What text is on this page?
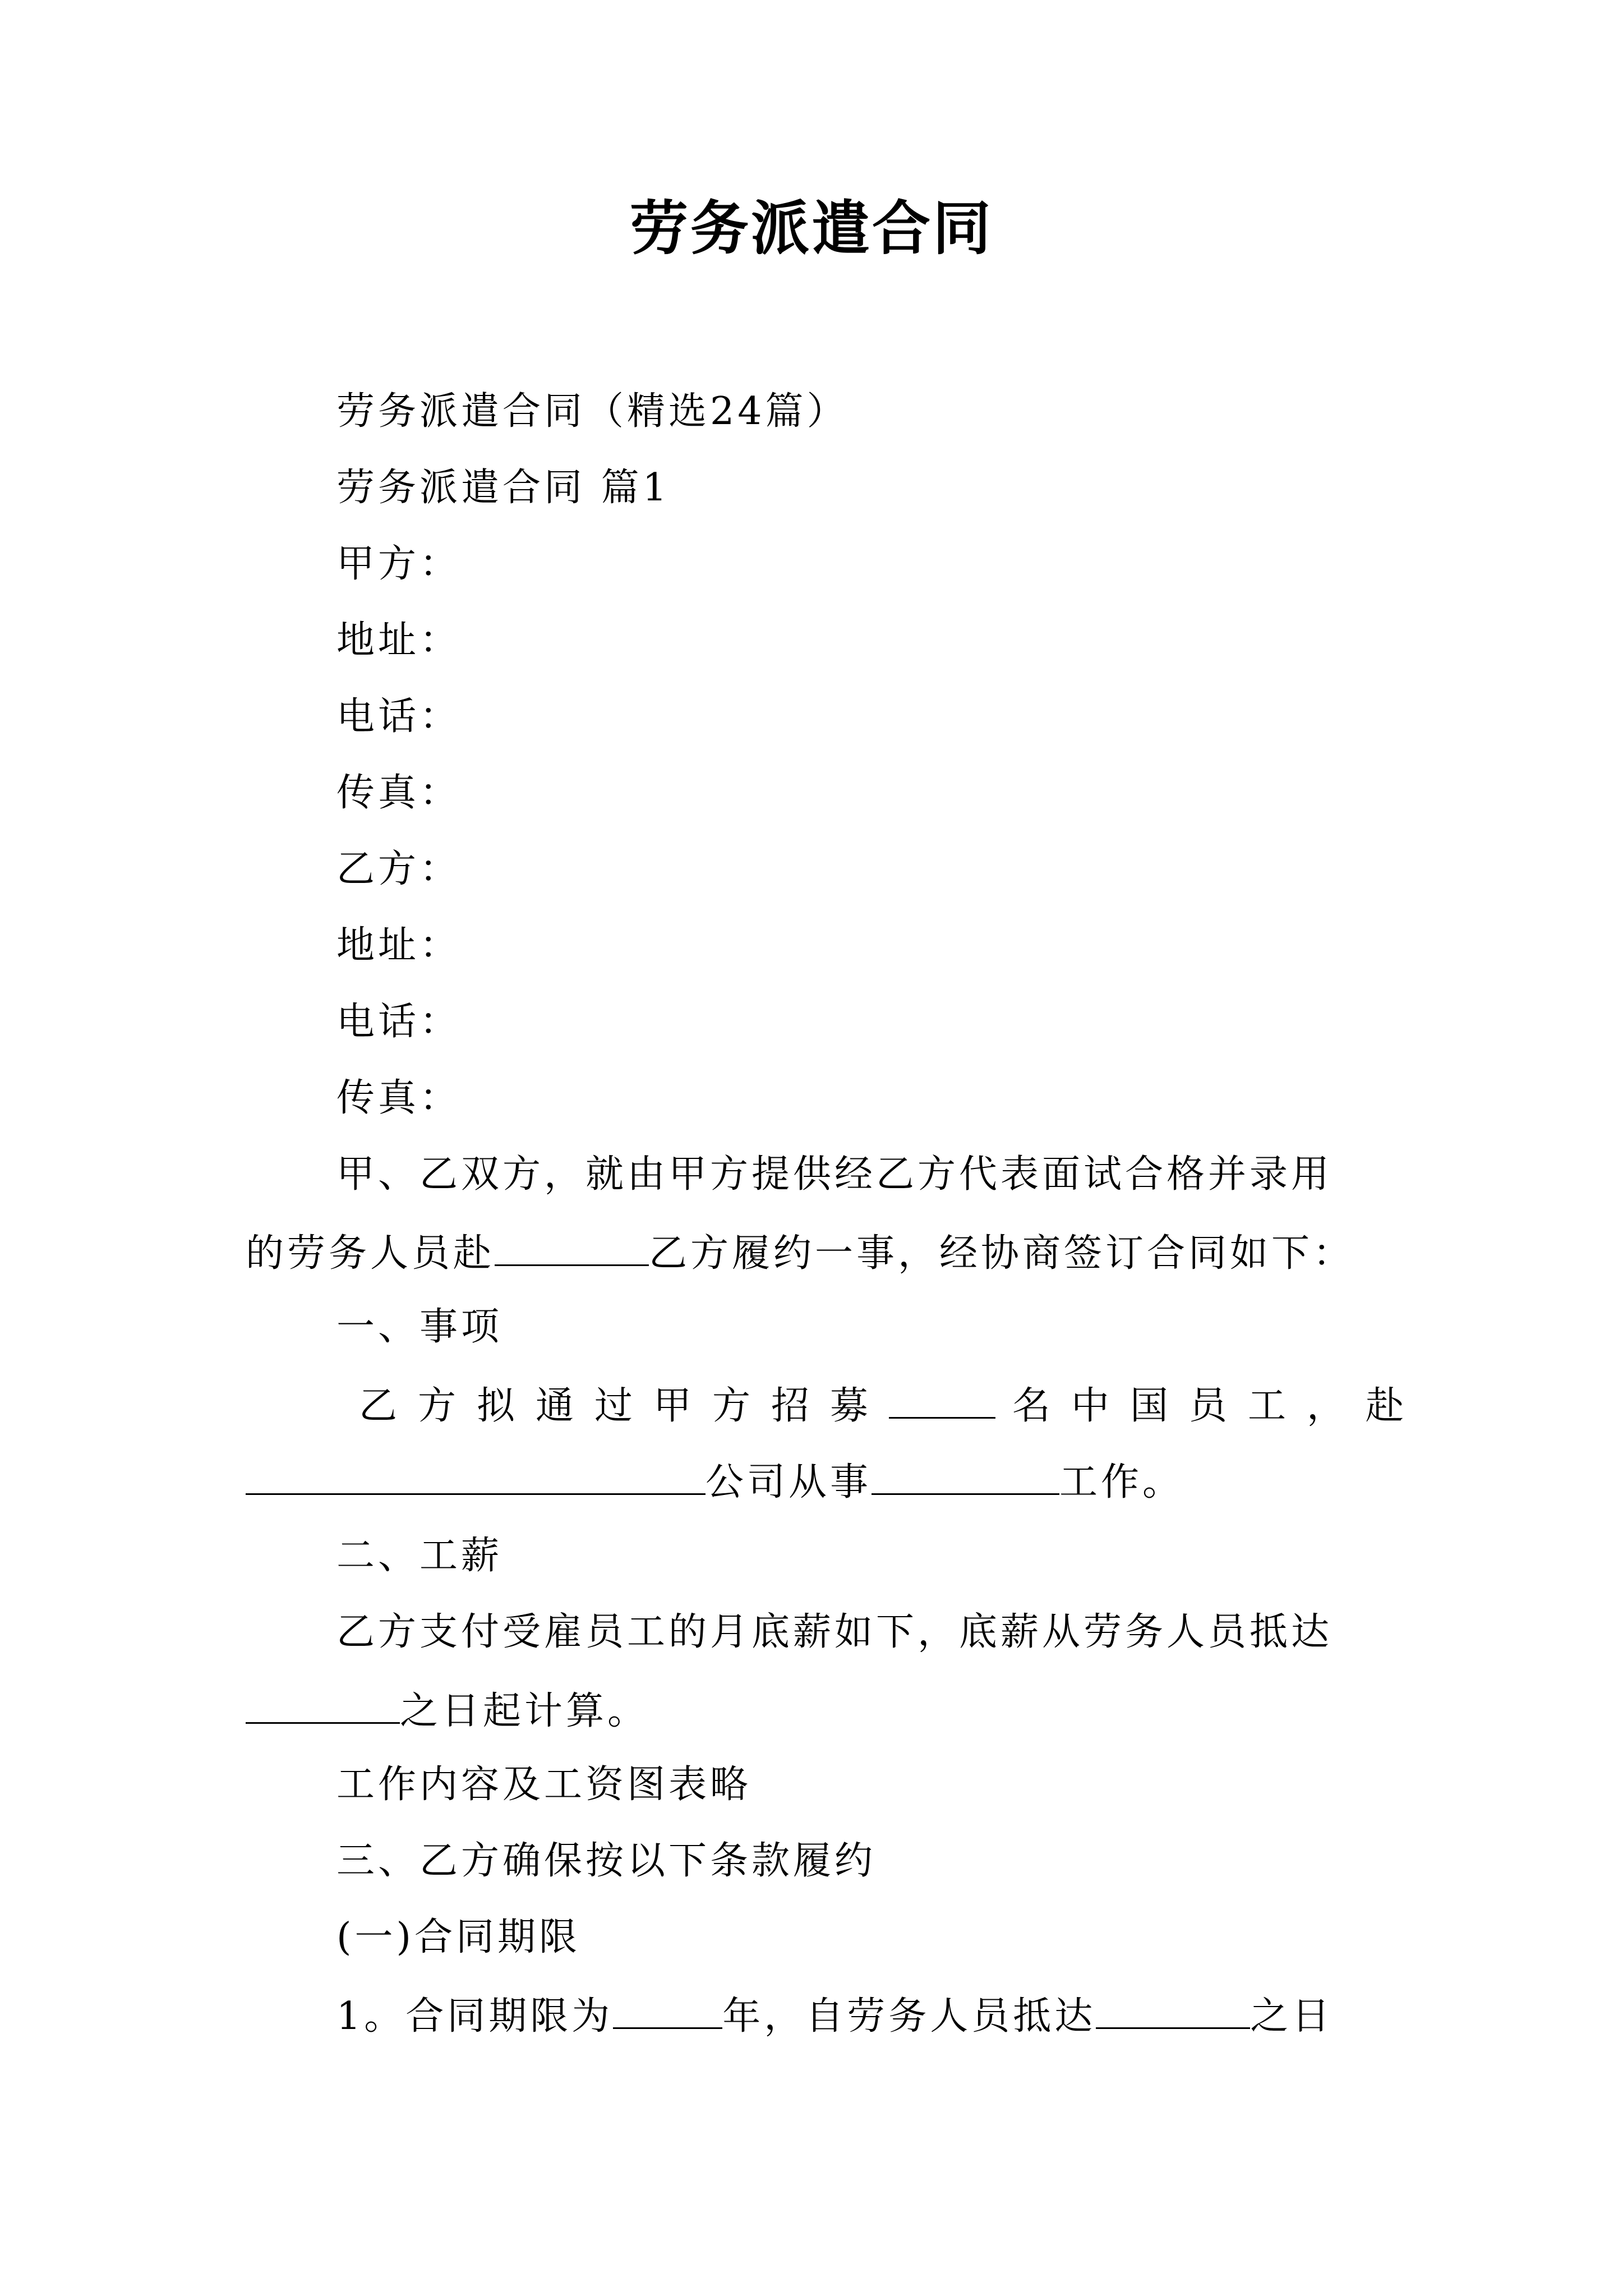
劳务派遣合同
劳务派遣合同（精选24篇）
劳务派遣合同 篇1
甲方：
地址：
电话：
传真：
乙方：
地址：
电话：
传真：
甲、乙双方，就由甲方提供经乙方代表面试合格并录用
的劳务人员赴	乙方履约一事，经协商签订合同如下：
一、事项
乙方拟通过甲方招募	名中国员工，赴
公司从事	工作。
二、工薪
乙方支付受雇员工的月底薪如下，底薪从劳务人员抵达
之日起计算。
工作内容及工资图表略
三、乙方确保按以下条款履约
(一)合同期限
1。合同期限为	年，自劳务人员抵达	之日
